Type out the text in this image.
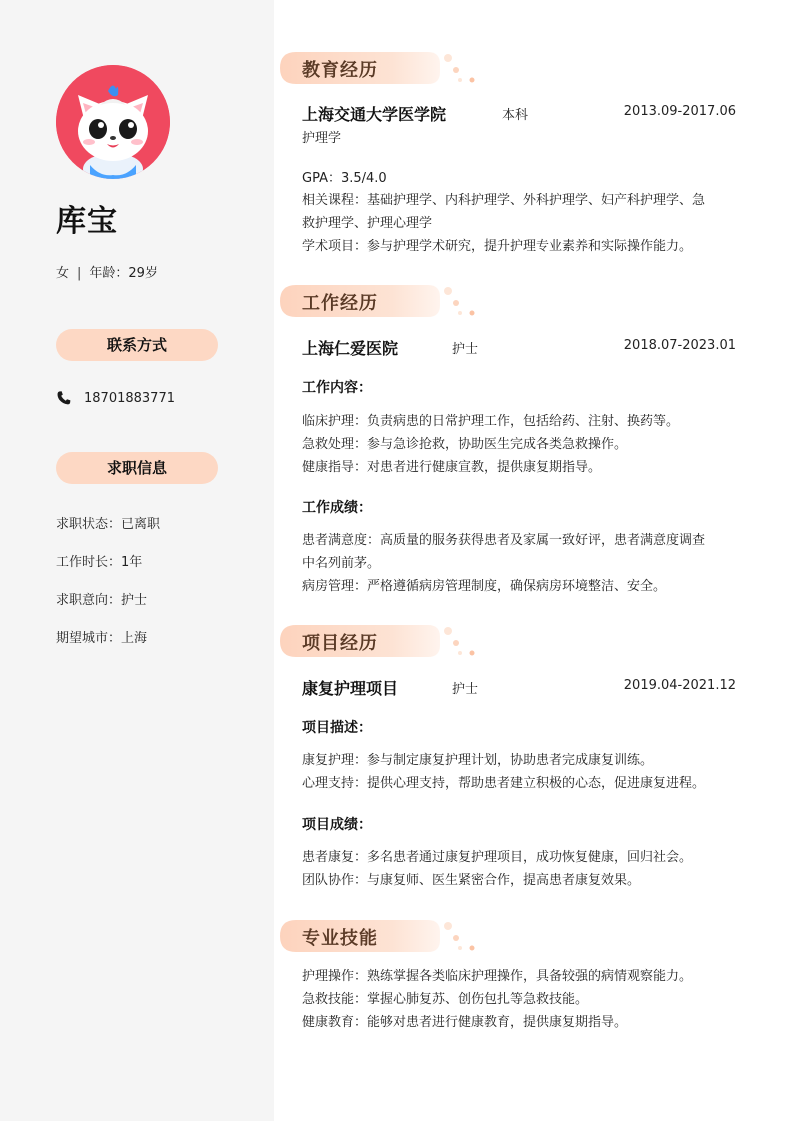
库宝
女 | 年龄：29岁
联系方式
18701883771
求职信息
求职状态：已离职
工作时长：1年
求职意向：护士
期望城市：上海
教育经历
上海交通大学医学院	本科	2013.09-2017.06
护理学
GPA：3.5/4.0
相关课程：基础护理学、内科护理学、外科护理学、妇产科护理学、急
救护理学、护理心理学
学术项目：参与护理学术研究，提升护理专业素养和实际操作能力。
工作经历
上海仁爱医院	护士	2018.07-2023.01
工作内容：
临床护理：负责病患的日常护理工作，包括给药、注射、换药等。
急救处理：参与急诊抢救，协助医生完成各类急救操作。
健康指导：对患者进行健康宣教，提供康复期指导。
工作成绩：
患者满意度：高质量的服务获得患者及家属一致好评，患者满意度调查
中名列前茅。
病房管理：严格遵循病房管理制度，确保病房环境整洁、安全。
项目经历
康复护理项目	护士	2019.04-2021.12
项目描述：
康复护理：参与制定康复护理计划，协助患者完成康复训练。
心理支持：提供心理支持，帮助患者建立积极的心态，促进康复进程。
项目成绩：
患者康复：多名患者通过康复护理项目，成功恢复健康，回归社会。
团队协作：与康复师、医生紧密合作，提高患者康复效果。
专业技能
护理操作：熟练掌握各类临床护理操作，具备较强的病情观察能力。
急救技能：掌握心肺复苏、创伤包扎等急救技能。
健康教育：能够对患者进行健康教育，提供康复期指导。
